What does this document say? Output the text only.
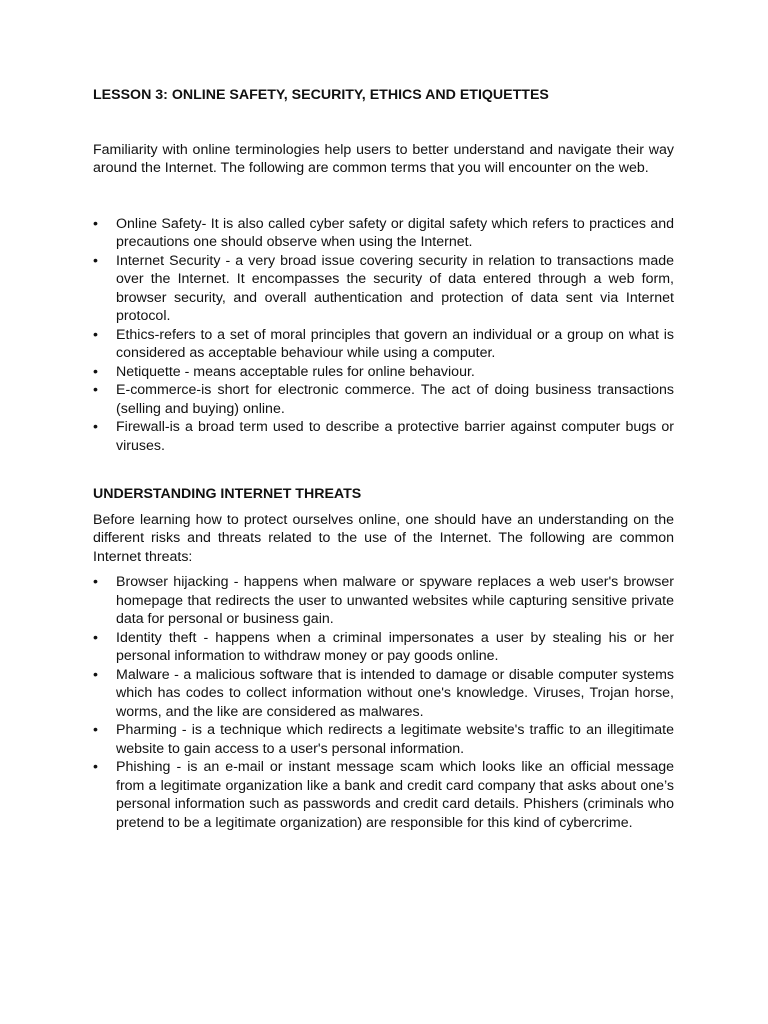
LESSON 3: ONLINE SAFETY, SECURITY, ETHICS AND ETIQUETTES

Familiarity with online terminologies help users to better understand and navigate their way around the Internet. The following are common terms that you will encounter on the web.

• Online Safety- It is also called cyber safety or digital safety which refers to practices and precautions one should observe when using the Internet.
• Internet Security - a very broad issue covering security in relation to transactions made over the Internet. It encompasses the security of data entered through a web form, browser security, and overall authentication and protection of data sent via Internet protocol.
• Ethics-refers to a set of moral principles that govern an individual or a group on what is considered as acceptable behaviour while using a computer.
• Netiquette - means acceptable rules for online behaviour.
• E-commerce-is short for electronic commerce. The act of doing business transactions (selling and buying) online.
• Firewall-is a broad term used to describe a protective barrier against computer bugs or viruses.

UNDERSTANDING INTERNET THREATS

Before learning how to protect ourselves online, one should have an understanding on the different risks and threats related to the use of the Internet. The following are common Internet threats:

• Browser hijacking - happens when malware or spyware replaces a web user's browser homepage that redirects the user to unwanted websites while capturing sensitive private data for personal or business gain.
• Identity theft - happens when a criminal impersonates a user by stealing his or her personal information to withdraw money or pay goods online.
• Malware - a malicious software that is intended to damage or disable computer systems which has codes to collect information without one's knowledge. Viruses, Trojan horse, worms, and the like are considered as malwares.
• Pharming - is a technique which redirects a legitimate website's traffic to an illegitimate website to gain access to a user's personal information.
• Phishing - is an e-mail or instant message scam which looks like an official message from a legitimate organization like a bank and credit card company that asks about one’s personal information such as passwords and credit card details. Phishers (criminals who pretend to be a legitimate organization) are responsible for this kind of cybercrime.
